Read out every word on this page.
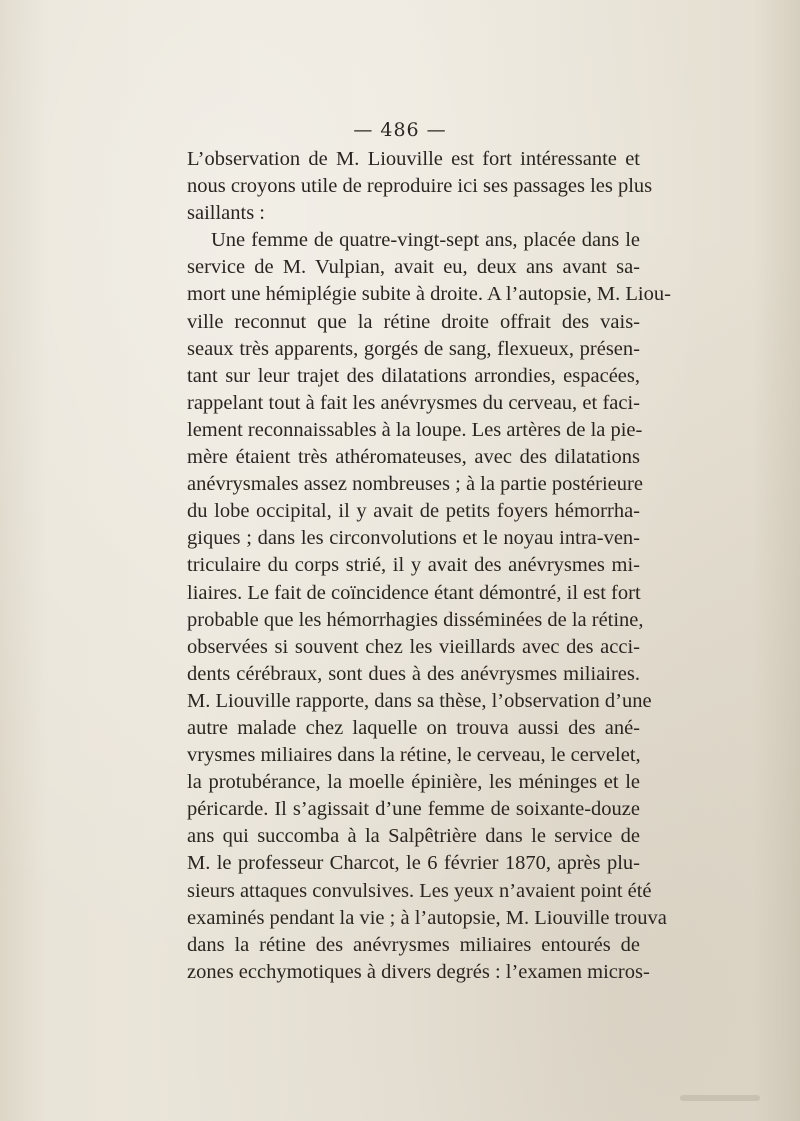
— 486 —

L’observation de M. Liouville est fort intéressante et
nous croyons utile de reproduire ici ses passages les plus
saillants :
Une femme de quatre-vingt-sept ans, placée dans le
service de M. Vulpian, avait eu, deux ans avant sa-
mort une hémiplégie subite à droite. A l’autopsie, M. Liou-
ville reconnut que la rétine droite offrait des vais-
seaux très apparents, gorgés de sang, flexueux, présen-
tant sur leur trajet des dilatations arrondies, espacées,
rappelant tout à fait les anévrysmes du cerveau, et faci-
lement reconnaissables à la loupe. Les artères de la pie-
mère étaient très athéromateuses, avec des dilatations
anévrysmales assez nombreuses ; à la partie postérieure
du lobe occipital, il y avait de petits foyers hémorrha-
giques ; dans les circonvolutions et le noyau intra-ven-
triculaire du corps strié, il y avait des anévrysmes mi-
liaires. Le fait de coïncidence étant démontré, il est fort
probable que les hémorrhagies disséminées de la rétine,
observées si souvent chez les vieillards avec des acci-
dents cérébraux, sont dues à des anévrysmes miliaires.
M. Liouville rapporte, dans sa thèse, l’observation d’une
autre malade chez laquelle on trouva aussi des ané-
vrysmes miliaires dans la rétine, le cerveau, le cervelet,
la protubérance, la moelle épinière, les méninges et le
péricarde. Il s’agissait d’une femme de soixante-douze
ans qui succomba à la Salpêtrière dans le service de
M. le professeur Charcot, le 6 février 1870, après plu-
sieurs attaques convulsives. Les yeux n’avaient point été
examinés pendant la vie ; à l’autopsie, M. Liouville trouva
dans la rétine des anévrysmes miliaires entourés de
zones ecchymotiques à divers degrés : l’examen micros-
